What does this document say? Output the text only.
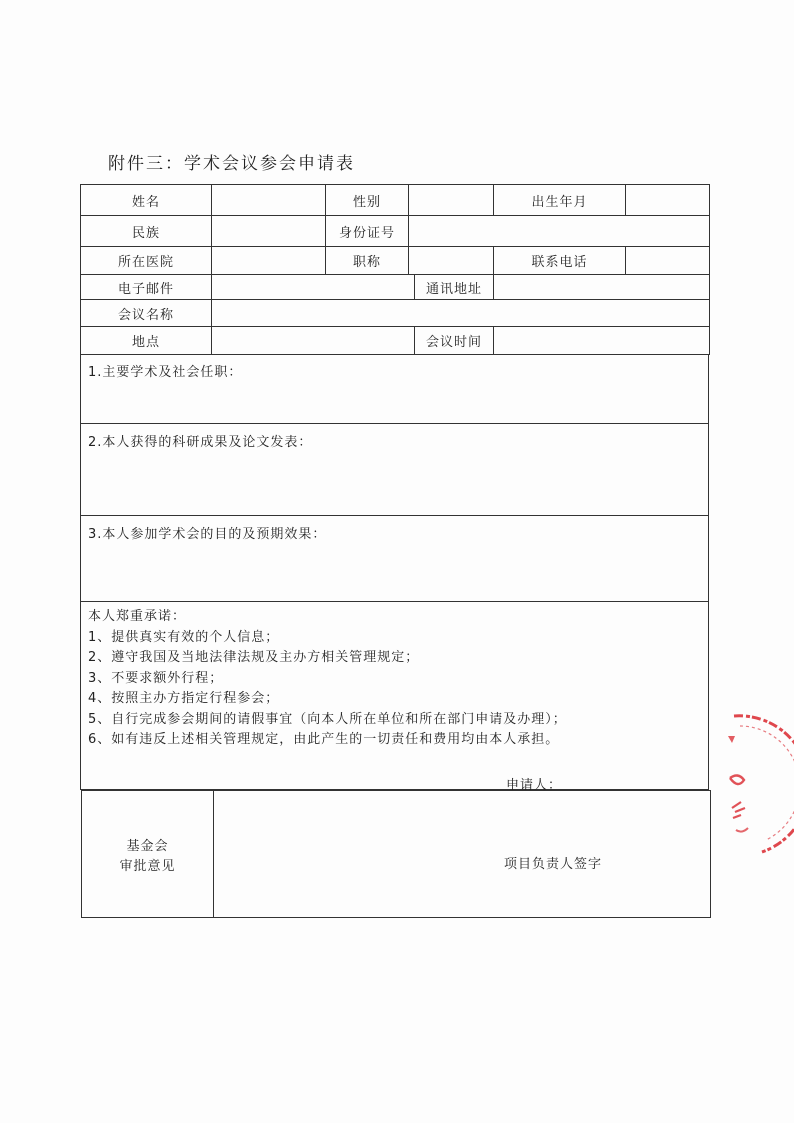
附件三：学术会议参会申请表
姓名	性别	出生年月
民族	身份证号
所在医院	职称	联系电话
电子邮件	通讯地址
会议名称
地点	会议时间
1.主要学术及社会任职：
2.本人获得的科研成果及论文发表：
3.本人参加学术会的目的及预期效果：
本人郑重承诺：
1、提供真实有效的个人信息；
2、遵守我国及当地法律法规及主办方相关管理规定；
3、不要求额外行程；
4、按照主办方指定行程参会；
5、自行完成参会期间的请假事宜（向本人所在单位和所在部门申请及办理）；
6、如有违反上述相关管理规定，由此产生的一切责任和费用均由本人承担。
申请人：
基金会
审批意见	项目负责人签字
